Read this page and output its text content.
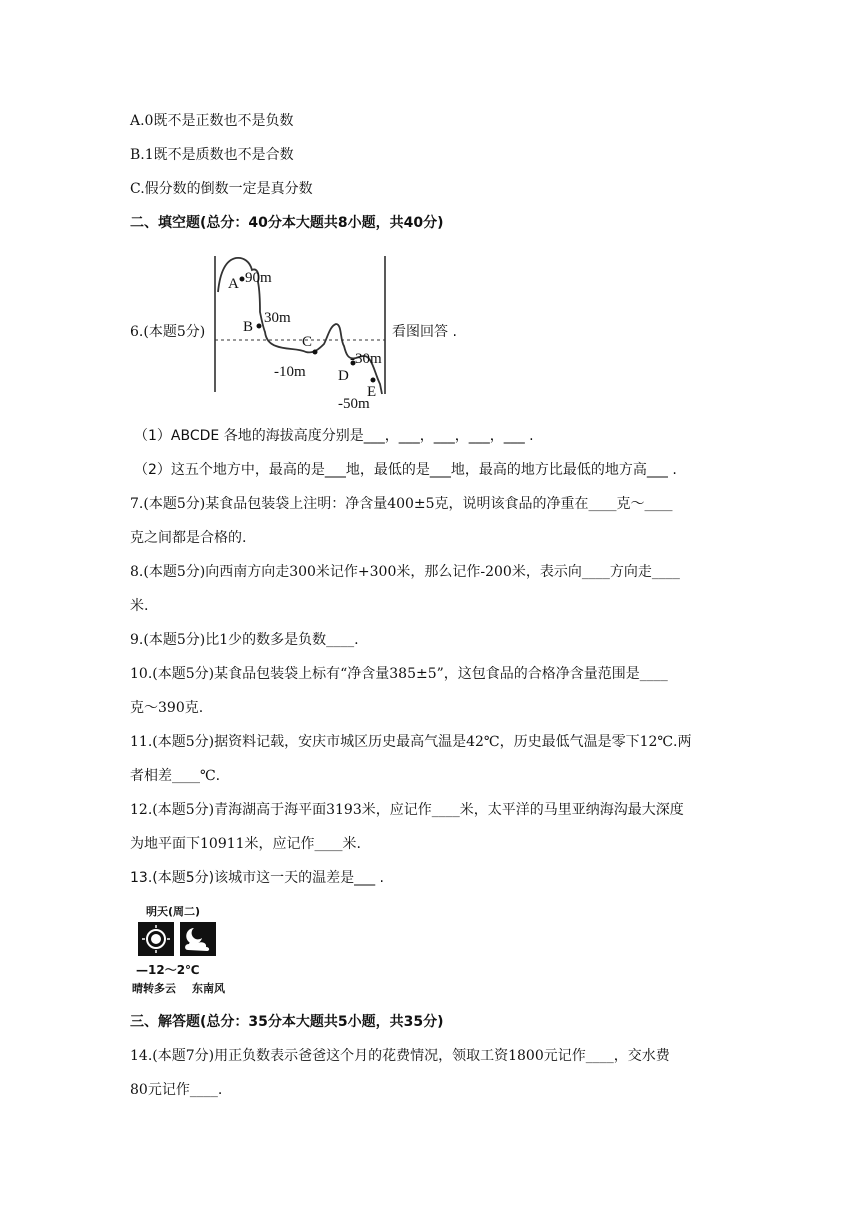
A.0既不是正数也不是负数
B.1既不是质数也不是合数
C.假分数的倒数一定是真分数
二、填空题(总分：40分本大题共8小题，共40分)
6.(本题5分)	看图回答 .
A 90m
B
30m
C
-10m
-30m
D
E
-50m
（1）ABCDE 各地的海拔高度分别是___，___，___，___，___ .
（2）这五个地方中，最高的是___地，最低的是___地，最高的地方比最低的地方高___ .
7.(本题5分)某食品包装袋上注明：净含量400±5克，说明该食品的净重在____克～____
克之间都是合格的.
8.(本题5分)向西南方向走300米记作+300米，那么记作-200米，表示向____方向走____
米.
9.(本题5分)比1少的数多是负数____.
10.(本题5分)某食品包装袋上标有“净含量385±5”，这包食品的合格净含量范围是____
克～390克.
11.(本题5分)据资料记载，安庆市城区历史最高气温是42℃，历史最低气温是零下12℃.两
者相差____℃.
12.(本题5分)青海湖高于海平面3193米，应记作____米，太平洋的马里亚纳海沟最大深度
为地平面下10911米，应记作____米.
13.(本题5分)该城市这一天的温差是___ .
明天(周二)
—12～2℃
晴转多云 东南风
三、解答题(总分：35分本大题共5小题，共35分)
14.(本题7分)用正负数表示爸爸这个月的花费情况，领取工资1800元记作____，交水费
80元记作____.
